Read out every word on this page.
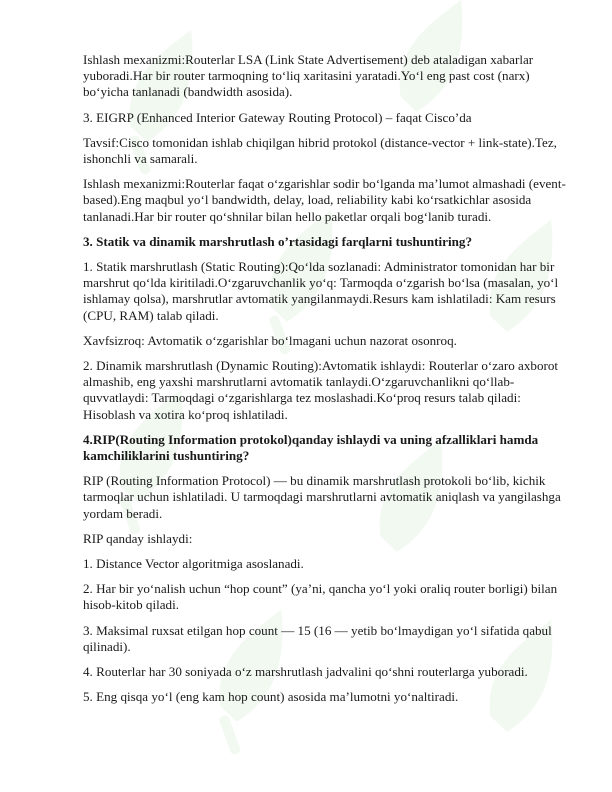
Ishlash mexanizmi:Routerlar LSA (Link State Advertisement) deb ataladigan xabarlar yuboradi.Har bir router tarmoqning to‘liq xaritasini yaratadi.Yo‘l eng past cost (narx) bo‘yicha tanlanadi (bandwidth asosida).

3. EIGRP (Enhanced Interior Gateway Routing Protocol) – faqat Cisco’da

Tavsif:Cisco tomonidan ishlab chiqilgan hibrid protokol (distance-vector + link-state).Tez, ishonchli va samarali.

Ishlash mexanizmi:Routerlar faqat o‘zgarishlar sodir bo‘lganda ma’lumot almashadi (event-based).Eng maqbul yo‘l bandwidth, delay, load, reliability kabi ko‘rsatkichlar asosida tanlanadi.Har bir router qo‘shnilar bilan hello paketlar orqali bog‘lanib turadi.

3. Statik va dinamik marshrutlash o’rtasidagi farqlarni tushuntiring?

1. Statik marshrutlash (Static Routing):Qo‘lda sozlanadi: Administrator tomonidan har bir marshrut qo‘lda kiritiladi.O‘zgaruvchanlik yo‘q: Tarmoqda o‘zgarish bo‘lsa (masalan, yo‘l ishlamay qolsa), marshrutlar avtomatik yangilanmaydi.Resurs kam ishlatiladi: Kam resurs (CPU, RAM) talab qiladi.

Xavfsizroq: Avtomatik o‘zgarishlar bo‘lmagani uchun nazorat osonroq.

2. Dinamik marshrutlash (Dynamic Routing):Avtomatik ishlaydi: Routerlar o‘zaro axborot almashib, eng yaxshi marshrutlarni avtomatik tanlaydi.O‘zgaruvchanlikni qo‘llab-quvvatlaydi: Tarmoqdagi o‘zgarishlarga tez moslashadi.Ko‘proq resurs talab qiladi: Hisoblash va xotira ko‘proq ishlatiladi.

4.RIP(Routing Information protokol)qanday ishlaydi va uning afzalliklari hamda kamchiliklarini tushuntiring?

RIP (Routing Information Protocol) — bu dinamik marshrutlash protokoli bo‘lib, kichik tarmoqlar uchun ishlatiladi. U tarmoqdagi marshrutlarni avtomatik aniqlash va yangilashga yordam beradi.

RIP qanday ishlaydi:

1. Distance Vector algoritmiga asoslanadi.

2. Har bir yo‘nalish uchun “hop count” (ya’ni, qancha yo‘l yoki oraliq router borligi) bilan hisob-kitob qiladi.

3. Maksimal ruxsat etilgan hop count — 15 (16 — yetib bo‘lmaydigan yo‘l sifatida qabul qilinadi).

4. Routerlar har 30 soniyada o‘z marshrutlash jadvalini qo‘shni routerlarga yuboradi.

5. Eng qisqa yo‘l (eng kam hop count) asosida ma’lumotni yo‘naltiradi.
